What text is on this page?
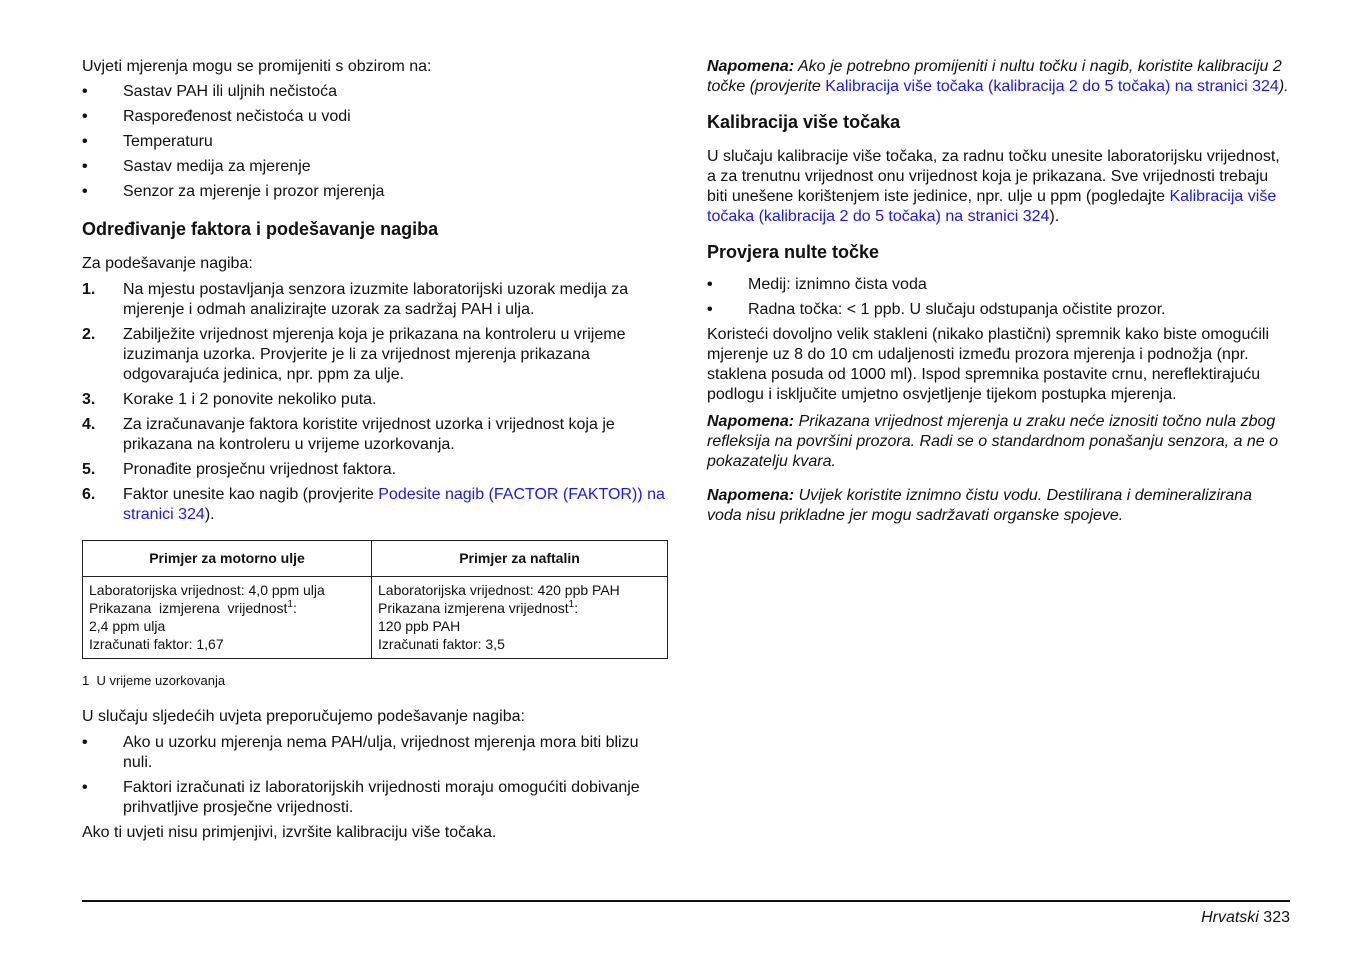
Uvjeti mjerenja mogu se promijeniti s obzirom na:

• Sastav PAH ili uljnih nečistoća
• Raspoređenost nečistoća u vodi
• Temperaturu
• Sastav medija za mjerenje
• Senzor za mjerenje i prozor mjerenja
Određivanje faktora i podešavanje nagiba

Za podešavanje nagiba:

1. Na mjestu postavljanja senzora izuzmite laboratorijski uzorak medija za mjerenje i odmah analizirajte uzorak za sadržaj PAH i ulja.
2. Zabilježite vrijednost mjerenja koja je prikazana na kontroleru u vrijeme izuzimanja uzorka. Provjerite je li za vrijednost mjerenja prikazana odgovarajuća jedinica, npr. ppm za ulje.
3. Korake 1 i 2 ponovite nekoliko puta.
4. Za izračunavanje faktora koristite vrijednost uzorka i vrijednost koja je prikazana na kontroleru u vrijeme uzorkovanja.
5. Pronađite prosječnu vrijednost faktora.
6. Faktor unesite kao nagib (provjerite Podesite nagib (FACTOR (FAKTOR)) na stranici 324).
Primjer za motorno ulje	Primjer za naftalin

Laboratorijska vrijednost: 4,0 ppm ulja
Prikazana  izmjerena  vrijednost$^1$:
2,4 ppm ulja
Izračunati faktor: 1,67	Laboratorijska vrijednost: 420 ppb PAH
Prikazana izmjerena vrijednost$^1$:
120 ppb PAH
Izračunati faktor: 3,5

1  U vrijeme uzorkovanja

U slučaju sljedećih uvjeta preporučujemo podešavanje nagiba:

• Ako u uzorku mjerenja nema PAH/ulja, vrijednost mjerenja mora biti blizu nuli.
• Faktori izračunati iz laboratorijskih vrijednosti moraju omogućiti dobivanje prihvatljive prosječne vrijednosti.

Ako ti uvjeti nisu primjenjivi, izvršite kalibraciju više točaka.

Napomena: Ako je potrebno promijeniti i nultu točku i nagib, koristite kalibraciju 2 točke (provjerite Kalibracija više točaka (kalibracija 2 do 5 točaka) na stranici 324).

Kalibracija više točaka

U slučaju kalibracije više točaka, za radnu točku unesite laboratorijsku vrijednost, a za trenutnu vrijednost onu vrijednost koja je prikazana. Sve vrijednosti trebaju biti unešene korištenjem iste jedinice, npr. ulje u ppm (pogledajte Kalibracija više točaka (kalibracija 2 do 5 točaka) na stranici 324).

Provjera nulte točke
• Medij: iznimno čista voda
• Radna točka: < 1 ppb. U slučaju odstupanja očistite prozor.

Koristeći dovoljno velik stakleni (nikako plastični) spremnik kako biste omogućili mjerenje uz 8 do 10 cm udaljenosti između prozora mjerenja i podnožja (npr. staklena posuda od 1000 ml). Ispod spremnika postavite crnu, nereflektirajuću podlogu i isključite umjetno osvjetljenje tijekom postupka mjerenja.

Napomena: Prikazana vrijednost mjerenja u zraku neće iznositi točno nula zbog refleksija na površini prozora. Radi se o standardnom ponašanju senzora, a ne o pokazatelju kvara.

Napomena: Uvijek koristite iznimno čistu vodu. Destilirana i demineralizirana voda nisu prikladne jer mogu sadržavati organske spojeve.

Hrvatski 323
